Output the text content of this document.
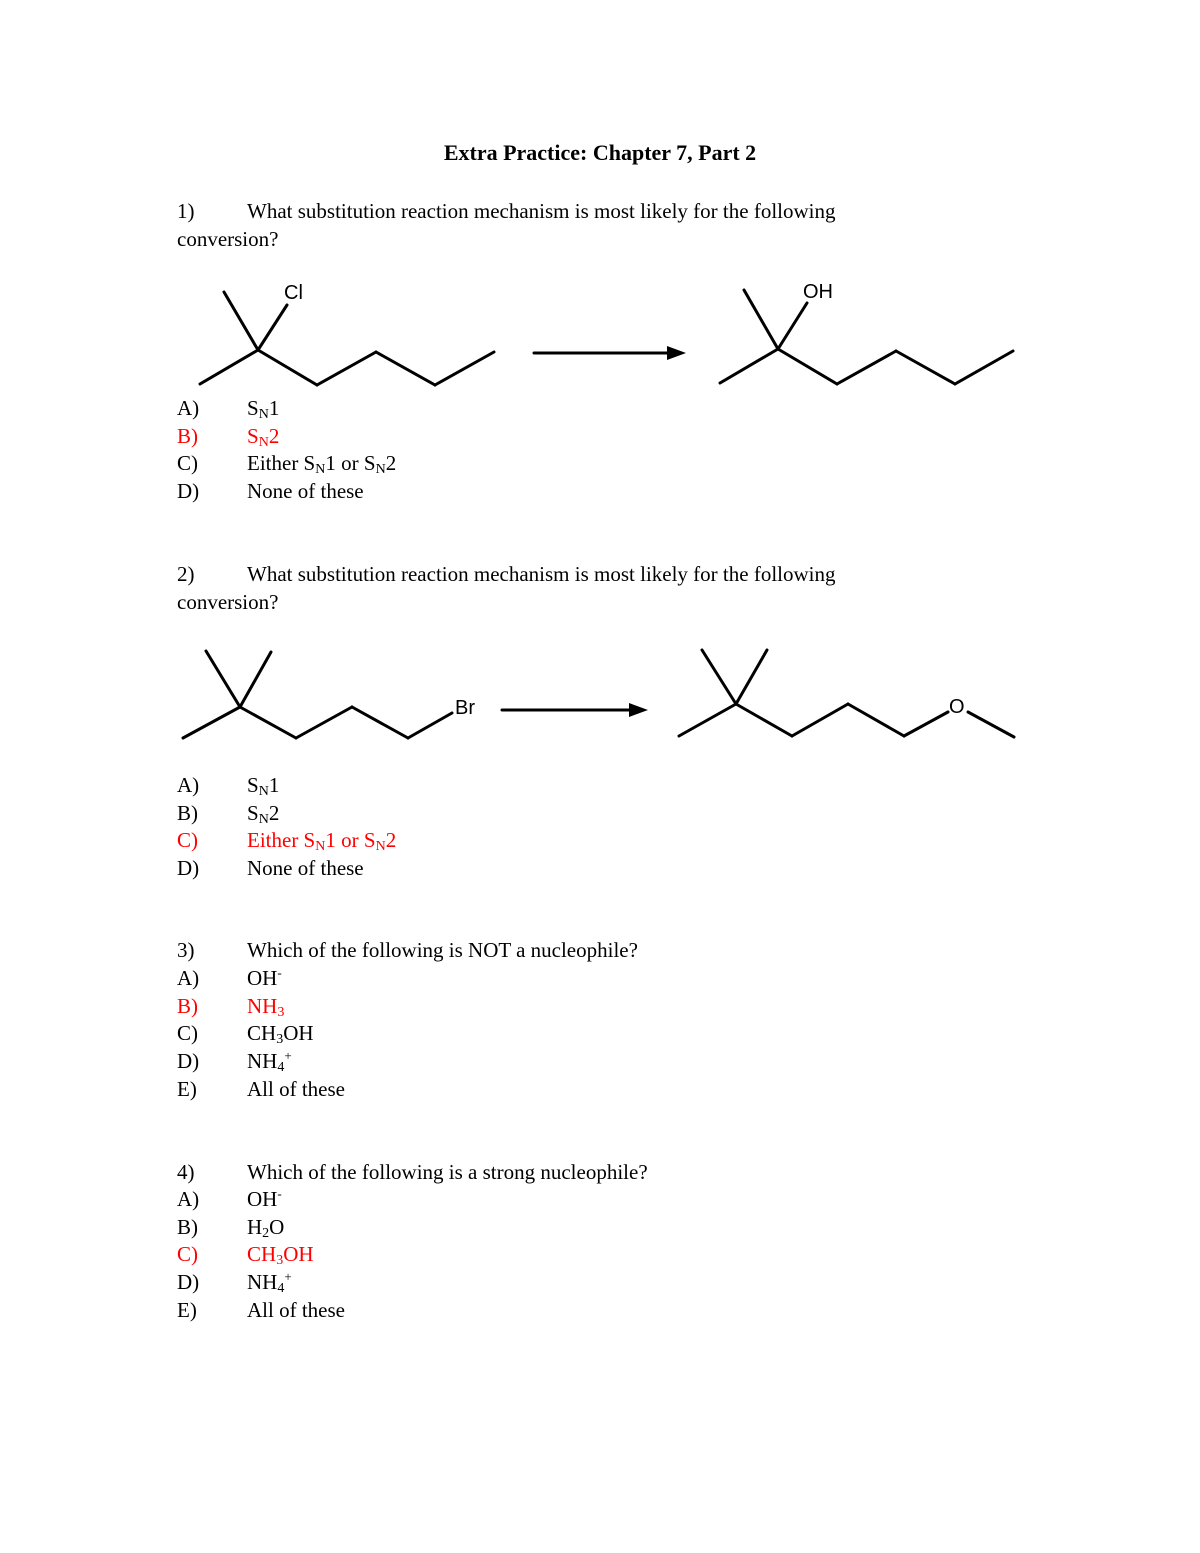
Extra Practice: Chapter 7, Part 2
1)	What substitution reaction mechanism is most likely for the following
conversion?
Cl	OH
A) $S_N1$
B) $S_N2$
C) Either $S_N1$ or $S_N2$
D) None of these
2)	What substitution reaction mechanism is most likely for the following
conversion?
Br	O
A) $S_N1$
B) $S_N2$
C) Either $S_N1$ or $S_N2$
D) None of these
3)	Which of the following is NOT a nucleophile?
A) OH-
B) $NH_3$
C) $CH_3OH$
D) $NH_4^+$
E) All of these
4)	Which of the following is a strong nucleophile?
A) OH-
B) $H_2O$
C) $CH_3OH$
D) $NH_4^+$
E) All of these
